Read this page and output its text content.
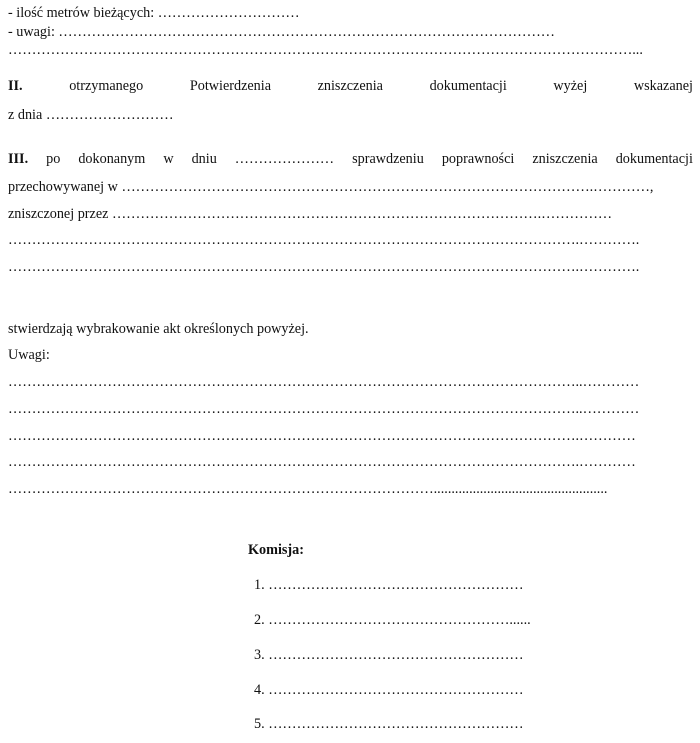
- ilość metrów bieżących: …………………………
- uwagi: ……………………………………………………………………………………………
……………………………………………………………………………………………………………………...
II.	otrzymanego	Potwierdzenia	zniszczenia	dokumentacji	wyżej	wskazanej
z dnia ………………………
III. po dokonanym w dniu ………………… sprawdzeniu poprawności zniszczenia dokumentacji
przechowywanej w ……………………………………………………………………………………….…………,
zniszczonej przez ……………………………………………………………………………….……………
………………………………………………………………………………………………………….………….
………………………………………………………………………………………………………….………….
stwierdzają wybrakowanie akt określonych powyżej.
Uwagi:
…………………………………………………………………………………………………………..…………
…………………………………………………………………………………………………………..…………
………………………………………………………………………………………………………….…………
………………………………………………………………………………………………………….…………
……………………………………………………………………………….................................................
Komisja:
1. ………………………………………………
2. ……………………………………………......
3. ………………………………………………
4. ………………………………………………
5. ………………………………………………
